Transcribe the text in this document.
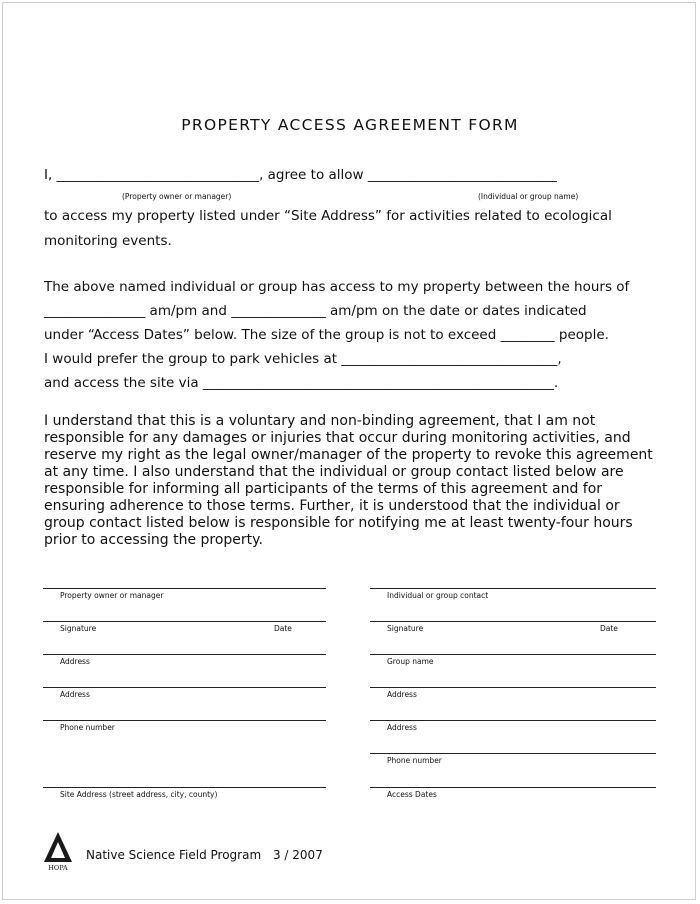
PROPERTY ACCESS AGREEMENT FORM
I, ______________________________, agree to allow ____________________________
(Property owner or manager)	(Individual or group name)
to access my property listed under “Site Address” for activities related to ecological
monitoring events.
The above named individual or group has access to my property between the hours of
_______________ am/pm and ______________ am/pm on the date or dates indicated
under “Access Dates” below. The size of the group is not to exceed ________ people.
I would prefer the group to park vehicles at ________________________________,
and access the site via ____________________________________________________.
I understand that this is a voluntary and non-binding agreement, that I am not responsible for any damages or injuries that occur during monitoring activities, and reserve my right as the legal owner/manager of the property to revoke this agreement at any time. I also understand that the individual or group contact listed below are responsible for informing all participants of the terms of this agreement and for ensuring adherence to those terms. Further, it is understood that the individual or group contact listed below is responsible for notifying me at least twenty-four hours prior to accessing the property.
Property owner or manager
Signature	Date
Address
Address
Phone number
Site Address (street address, city, county)
Individual or group contact
Signature	Date
Group name
Address
Address
Phone number
Access Dates
HOPA
Native Science Field Program 3 / 2007
